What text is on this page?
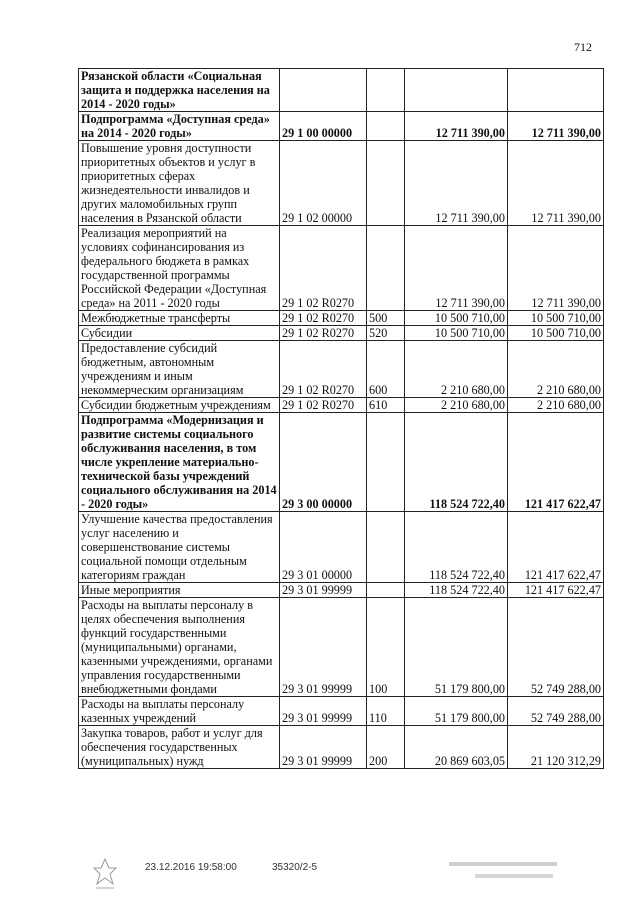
712
Рязанской области «Социальная защита и поддержка населения на 2014 - 2020 годы»				
Подпрограмма «Доступная среда» на 2014 - 2020 годы»	29 1 00 00000		12 711 390,00	12 711 390,00
Повышение уровня доступности приоритетных объектов и услуг в приоритетных сферах жизнедеятельности инвалидов и других маломобильных групп населения в Рязанской области	29 1 02 00000		12 711 390,00	12 711 390,00
Реализация мероприятий на условиях софинансирования из федерального бюджета в рамках государственной программы Российской Федерации «Доступная среда» на 2011 - 2020 годы	29 1 02 R0270		12 711 390,00	12 711 390,00
Межбюджетные трансферты	29 1 02 R0270	500	10 500 710,00	10 500 710,00
Субсидии	29 1 02 R0270	520	10 500 710,00	10 500 710,00
Предоставление субсидий бюджетным, автономным учреждениям и иным некоммерческим организациям	29 1 02 R0270	600	2 210 680,00	2 210 680,00
Субсидии бюджетным учреждениям	29 1 02 R0270	610	2 210 680,00	2 210 680,00
Подпрограмма «Модернизация и развитие системы социального обслуживания населения, в том числе укрепление материально-технической базы учреждений социального обслуживания на 2014 - 2020 годы»	29 3 00 00000		118 524 722,40	121 417 622,47
Улучшение качества предоставления услуг населению и совершенствование системы социальной помощи отдельным категориям граждан	29 3 01 00000		118 524 722,40	121 417 622,47
Иные мероприятия	29 3 01 99999		118 524 722,40	121 417 622,47
Расходы на выплаты персоналу в целях обеспечения выполнения функций государственными (муниципальными) органами, казенными учреждениями, органами управления государственными внебюджетными фондами	29 3 01 99999	100	51 179 800,00	52 749 288,00
Расходы на выплаты персоналу казенных учреждений	29 3 01 99999	110	51 179 800,00	52 749 288,00
Закупка товаров, работ и услуг для обеспечения государственных (муниципальных) нужд	29 3 01 99999	200	20 869 603,05	21 120 312,29
23.12.2016 19:58:00	35320/2-5
